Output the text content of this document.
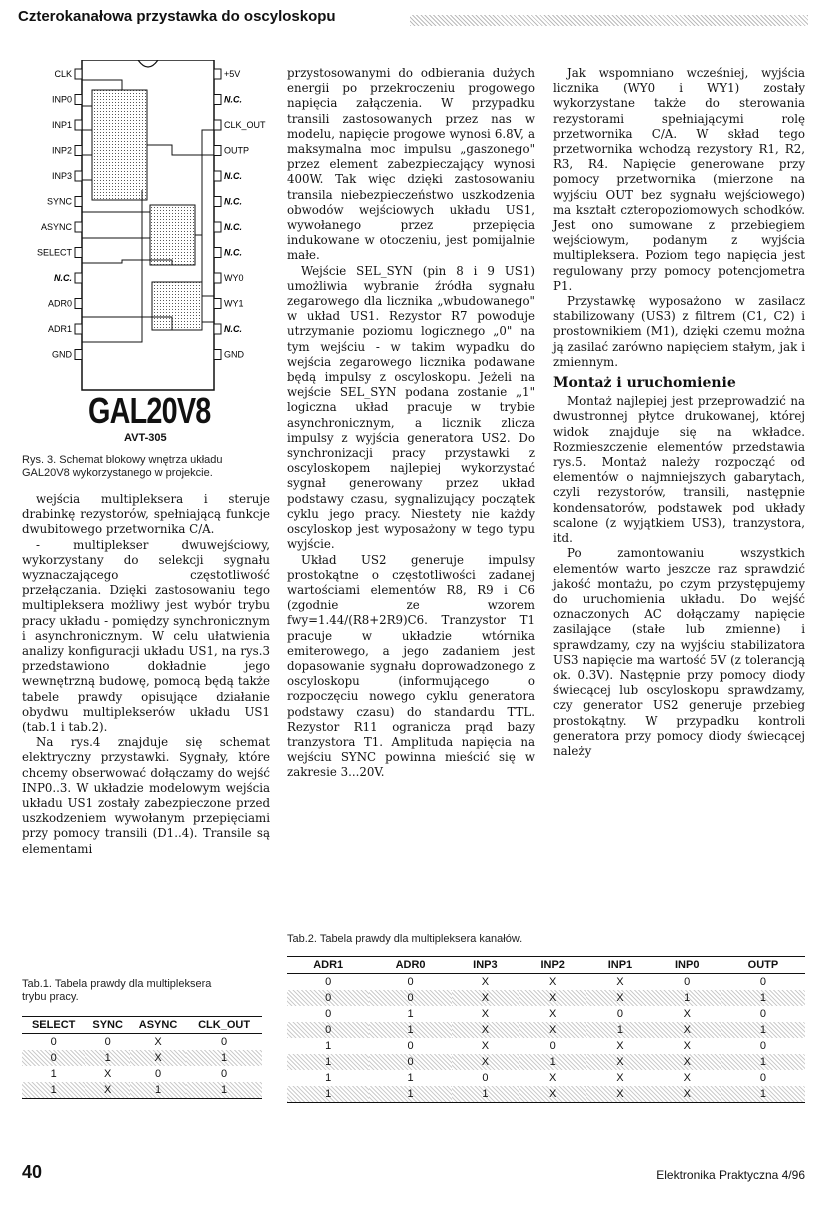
Czterokanałowa przystawka do oscyloskopu
CLK
INP0
INP1
INP2
INP3
SYNC
ASYNC
SELECT
N.C.
ADR0
ADR1
GND
+5V
N.C.
CLK_OUT
OUTP
N.C.
N.C.
N.C.
N.C.
WY0
WY1
N.C.
GND
GAL20V8
AVT-305
Rys. 3. Schemat blokowy wnętrza układu GAL20V8 wykorzystanego w projekcie.

wejścia multipleksera i steruje drabinkę rezystorów, spełniającą funkcje dwubitowego przetwornika C/A.

- multiplekser dwuwejściowy, wykorzystany do selekcji sygnału wyznaczającego częstotliwość przełączania. Dzięki zastosowaniu tego multipleksera możliwy jest wybór trybu pracy układu - pomiędzy synchronicznym i asynchronicznym. W celu ułatwienia analizy konfiguracji układu US1, na rys.3 przedstawiono dokładnie jego wewnętrzną budowę, pomocą będą także tabele prawdy opisujące działanie obydwu multiplekserów układu US1 (tab.1 i tab.2).

Na rys.4 znajduje się schemat elektryczny przystawki. Sygnały, które chcemy obserwować dołączamy do wejść INP0..3. W układzie modelowym wejścia układu US1 zostały zabezpieczone przed uszkodzeniem wywołanym przepięciami przy pomocy transili (D1..4). Transile są elementami

przystosowanymi do odbierania dużych energii po przekroczeniu progowego napięcia załączenia. W przypadku transili zastosowanych przez nas w modelu, napięcie progowe wynosi 6.8V, a maksymalna moc impulsu „gaszonego" przez element zabezpieczający wynosi 400W. Tak więc dzięki zastosowaniu transila niebezpieczeństwo uszkodzenia obwodów wejściowych układu US1, wywołanego przez przepięcia indukowane w otoczeniu, jest pomijalnie małe.

Wejście SEL_SYN (pin 8 i 9 US1) umożliwia wybranie źródła sygnału zegarowego dla licznika „wbudowanego" w układ US1. Rezystor R7 powoduje utrzymanie poziomu logicznego „0" na tym wejściu - w takim wypadku do wejścia zegarowego licznika podawane będą impulsy z oscyloskopu. Jeżeli na wejście SEL_SYN podana zostanie „1" logiczna układ pracuje w trybie asynchronicznym, a licznik zlicza impulsy z wyjścia generatora US2. Do synchronizacji pracy przystawki z oscyloskopem najlepiej wykorzystać sygnał generowany przez układ podstawy czasu, sygnalizujący początek cyklu jego pracy. Niestety nie każdy oscyloskop jest wyposażony w tego typu wyjście.

Układ US2 generuje impulsy prostokątne o częstotliwości zadanej wartościami elementów R8, R9 i C6 (zgodnie ze wzorem fwy=1.44/(R8+2R9)C6. Tranzystor T1 pracuje w układzie wtórnika emiterowego, a jego zadaniem jest dopasowanie sygnału doprowadzonego z oscyloskopu (informującego o rozpoczęciu nowego cyklu generatora podstawy czasu) do standardu TTL. Rezystor R11 ogranicza prąd bazy tranzystora T1. Amplituda napięcia na wejściu SYNC powinna mieścić się w zakresie 3...20V.

Jak wspomniano wcześniej, wyjścia licznika (WY0 i WY1) zostały wykorzystane także do sterowania rezystorami spełniającymi rolę przetwornika C/A. W skład tego przetwornika wchodzą rezystory R1, R2, R3, R4. Napięcie generowane przy pomocy przetwornika (mierzone na wyjściu OUT bez sygnału wejściowego) ma kształt czteropoziomowych schodków. Jest ono sumowane z przebiegiem wejściowym, podanym z wyjścia multipleksera. Poziom tego napięcia jest regulowany przy pomocy potencjometra P1.

Przystawkę wyposażono w zasilacz stabilizowany (US3) z filtrem (C1, C2) i prostownikiem (M1), dzięki czemu można ją zasilać zarówno napięciem stałym, jak i zmiennym.

Montaż i uruchomienie

Montaż najlepiej jest przeprowadzić na dwustronnej płytce drukowanej, której widok znajduje się na wkładce. Rozmieszczenie elementów przedstawia rys.5. Montaż należy rozpocząć od elementów o najmniejszych gabarytach, czyli rezystorów, transili, następnie kondensatorów, podstawek pod układy scalone (z wyjątkiem US3), tranzystora, itd.

Po zamontowaniu wszystkich elementów warto jeszcze raz sprawdzić jakość montażu, po czym przystępujemy do uruchomienia układu. Do wejść oznaczonych AC dołączamy napięcie zasilające (stałe lub zmienne) i sprawdzamy, czy na wyjściu stabilizatora US3 napięcie ma wartość 5V (z tolerancją ok. 0.3V). Następnie przy pomocy diody świecącej lub oscyloskopu sprawdzamy, czy generator US2 generuje przebieg prostokątny. W przypadku kontroli generatora przy pomocy diody świecącej należy

Tab.1. Tabela prawdy dla multipleksera trybu pracy.
SELECT	SYNC	ASYNC	CLK_OUT
0	0	X	0
0	1	X	1
1	X	0	0
1	X	1	1
Tab.2. Tabela prawdy dla multipleksera kanałów.
ADR1	ADR0	INP3	INP2	INP1	INP0	OUTP
0	0	X	X	X	0	0
0	0	X	X	X	1	1
0	1	X	X	0	X	0
0	1	X	X	1	X	1
1	0	X	0	X	X	0
1	0	X	1	X	X	1
1	1	0	X	X	X	0
1	1	1	X	X	X	1
40	Elektronika Praktyczna 4/96
